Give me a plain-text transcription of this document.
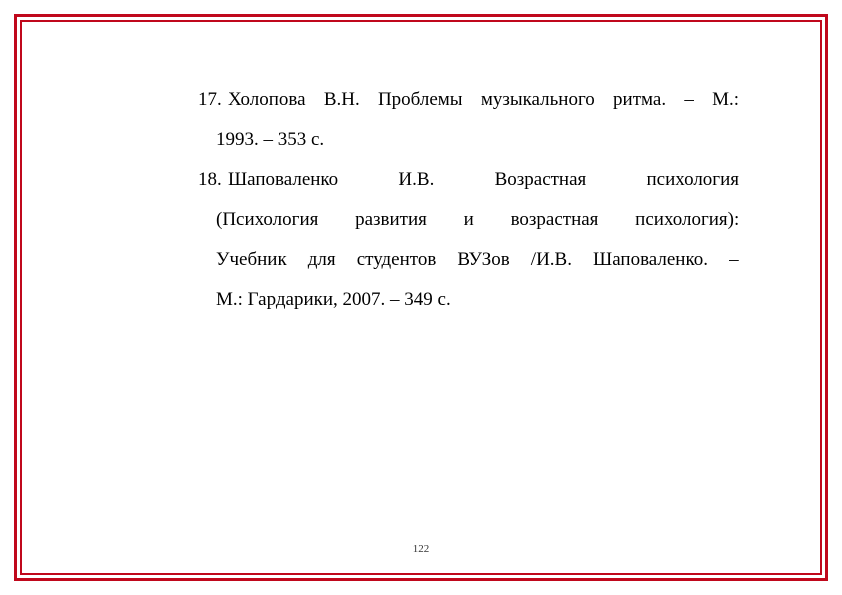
17. Холопова В.Н. Проблемы музыкального ритма. – М.:
1993. – 353 с.
18. Шаповаленко И.В. Возрастная психология
(Психология развития и возрастная психология):
Учебник для студентов ВУЗов /И.В. Шаповаленко. –
М.: Гардарики, 2007. – 349 с.
122
